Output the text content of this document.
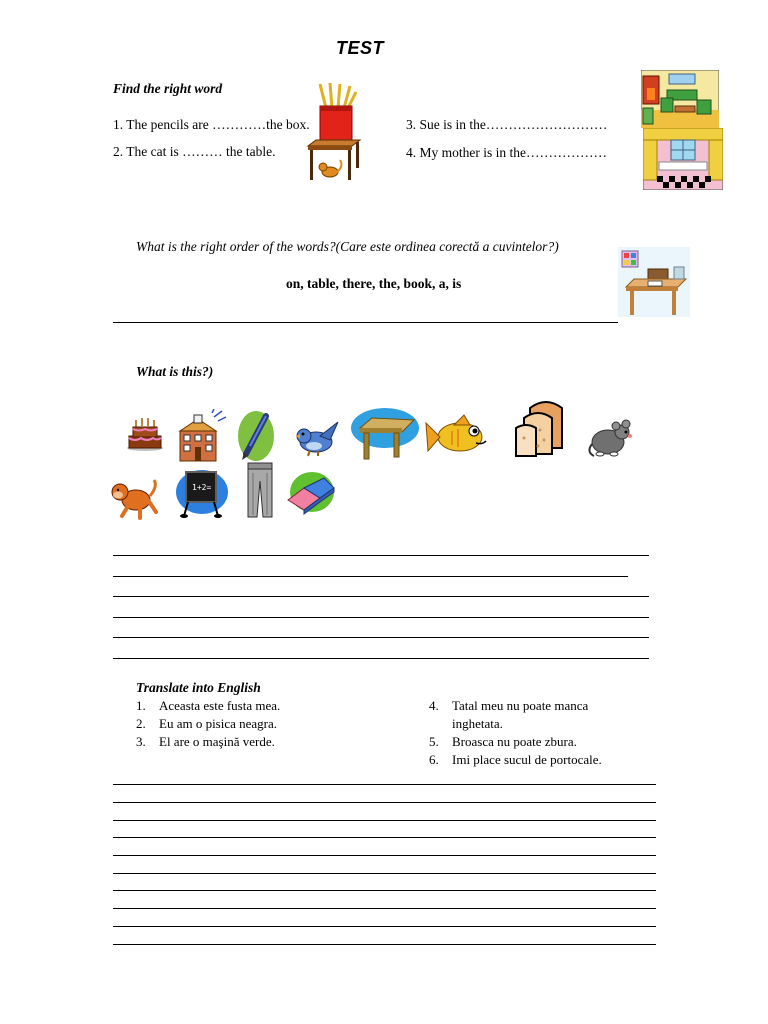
TEST
Find the right word
1. The pencils are …………the box.
2. The cat is ……… the table.
3. Sue is in the………………………
4. My mother is in the………………
What is the right order of the words?(Care este ordinea corectă a cuvintelor?)
on, table, there, the, book, a, is
What is this?)
1+2=
Translate into English
1. Aceasta este fusta mea.
2. Eu am o pisica neagra.
3. El are o maşină verde.
4. Tatal meu nu poate manca inghetata.
5. Broasca nu poate zbura.
6. Imi place sucul de portocale.
